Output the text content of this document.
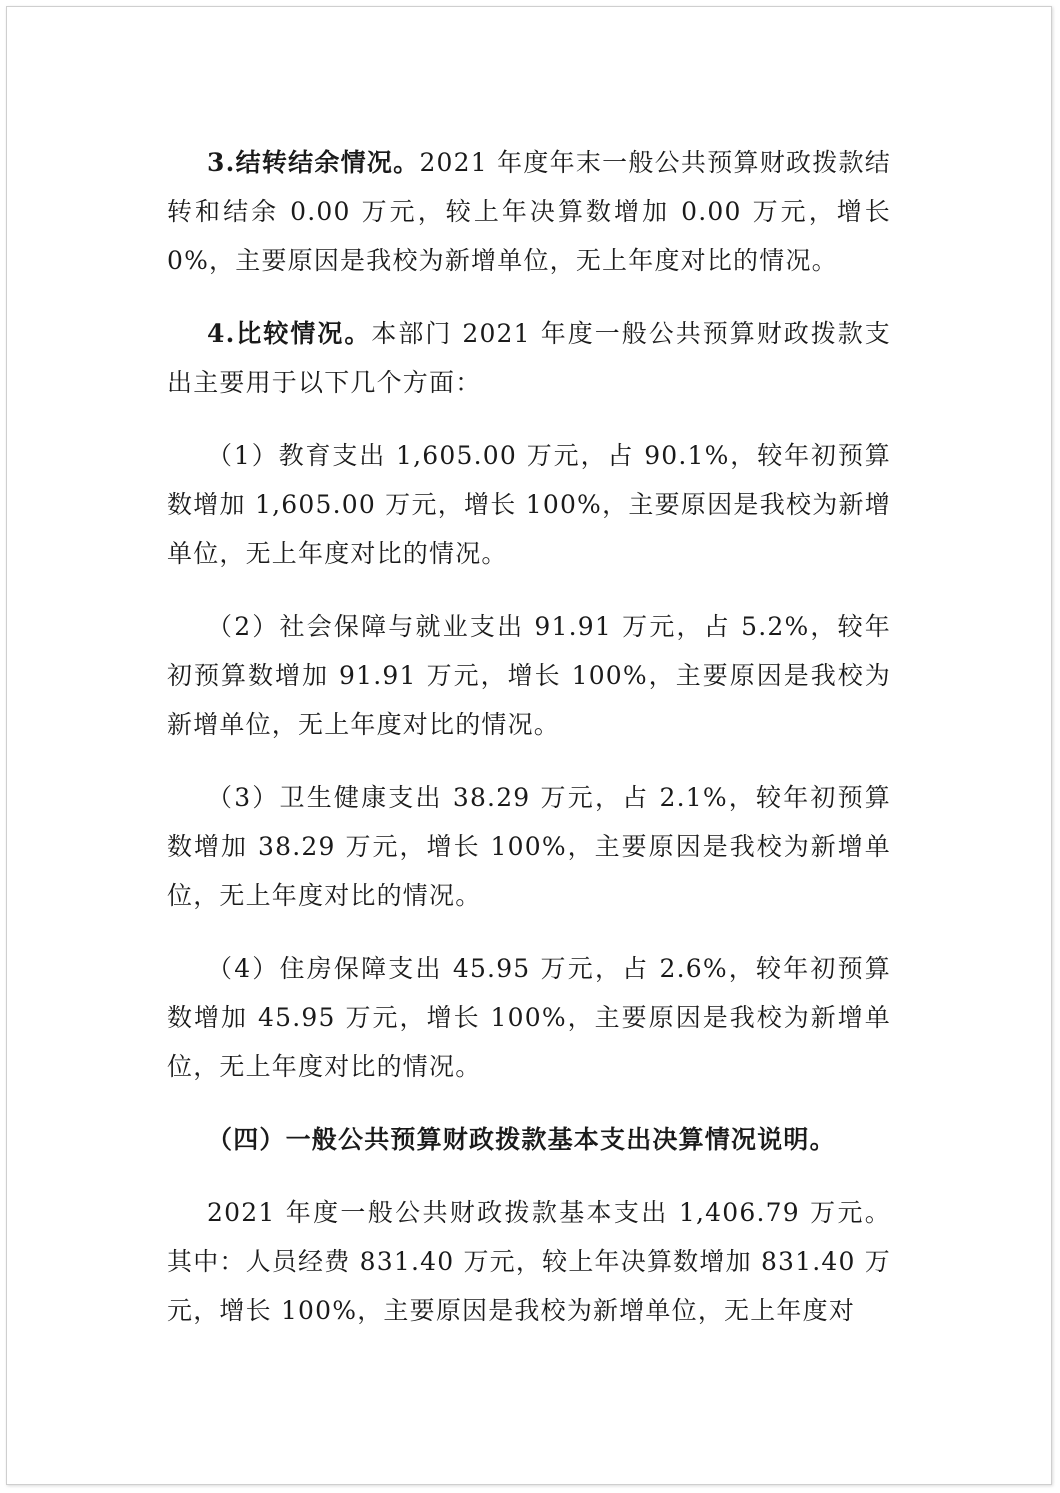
3.结转结余情况。2021 年度年末一般公共预算财政拨款结转和结余 0.00 万元，较上年决算数增加 0.00 万元，增长 0%，主要原因是我校为新增单位，无上年度对比的情况。

4.比较情况。本部门 2021 年度一般公共预算财政拨款支出主要用于以下几个方面：

（1）教育支出 1,605.00 万元，占 90.1%，较年初预算数增加 1,605.00 万元，增长 100%，主要原因是我校为新增单位，无上年度对比的情况。

（2）社会保障与就业支出 91.91 万元，占 5.2%，较年初预算数增加 91.91 万元，增长 100%，主要原因是我校为新增单位，无上年度对比的情况。

（3）卫生健康支出 38.29 万元，占 2.1%，较年初预算数增加 38.29 万元，增长 100%，主要原因是我校为新增单位，无上年度对比的情况。

（4）住房保障支出 45.95 万元，占 2.6%，较年初预算数增加 45.95 万元，增长 100%，主要原因是我校为新增单位，无上年度对比的情况。

（四）一般公共预算财政拨款基本支出决算情况说明。

2021 年度一般公共财政拨款基本支出 1,406.79 万元。其中：人员经费 831.40 万元，较上年决算数增加 831.40 万元，增长 100%，主要原因是我校为新增单位，无上年度对
